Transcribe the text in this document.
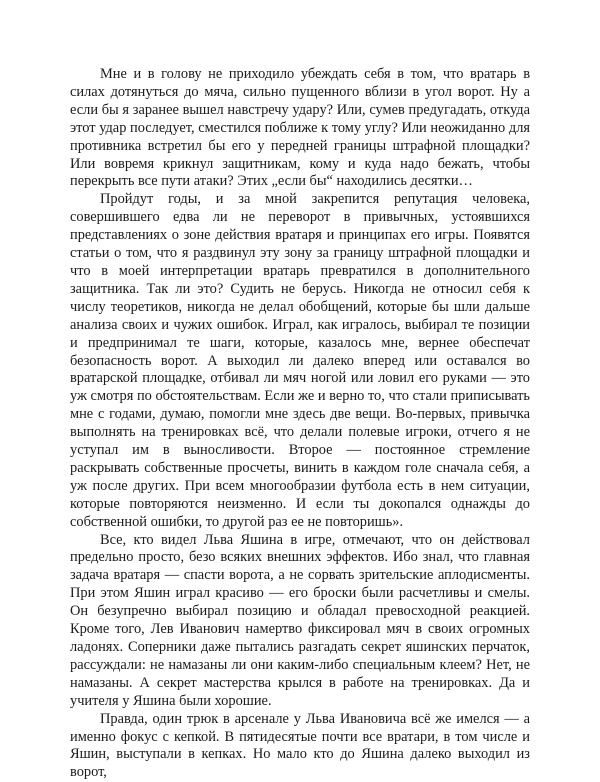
Мне и в голову не приходило убеждать себя в том, что вратарь в силах дотянуться до мяча, сильно пущенного вблизи в угол ворот. Ну а если бы я заранее вышел навстречу удару? Или, сумев предугадать, откуда этот удар последует, сместился поближе к тому углу? Или неожиданно для противника встретил бы его у передней границы штрафной площадки? Или вовремя крикнул защитникам, кому и куда надо бежать, чтобы перекрыть все пути атаки? Этих „если бы“ находились десятки…

Пройдут годы, и за мной закрепится репутация человека, совершившего едва ли не переворот в привычных, устоявшихся представлениях о зоне действия вратаря и принципах его игры. Появятся статьи о том, что я раздвинул эту зону за границу штрафной площадки и что в моей интерпретации вратарь превратился в дополнительного защитника. Так ли это? Судить не берусь. Никогда не относил себя к числу теоретиков, никогда не делал обобщений, которые бы шли дальше анализа своих и чужих ошибок. Играл, как игралось, выбирал те позиции и предпринимал те шаги, которые, казалось мне, вернее обеспечат безопасность ворот. А выходил ли далеко вперед или оставался во вратарской площадке, отбивал ли мяч ногой или ловил его руками — это уж смотря по обстоятельствам. Если же и верно то, что стали приписывать мне с годами, думаю, помогли мне здесь две вещи. Во-первых, привычка выполнять на тренировках всё, что делали полевые игроки, отчего я не уступал им в выносливости. Второе — постоянное стремление раскрывать собственные просчеты, винить в каждом голе сначала себя, а уж после других. При всем многообразии футбола есть в нем ситуации, которые повторяются неизменно. И если ты докопался однажды до собственной ошибки, то другой раз ее не повторишь».

Все, кто видел Льва Яшина в игре, отмечают, что он действовал предельно просто, безо всяких внешних эффектов. Ибо знал, что главная задача вратаря — спасти ворота, а не сорвать зрительские аплодисменты. При этом Яшин играл красиво — его броски были расчетливы и смелы. Он безупречно выбирал позицию и обладал превосходной реакцией. Кроме того, Лев Иванович намертво фиксировал мяч в своих огромных ладонях. Соперники даже пытались разгадать секрет яшинских перчаток, рассуждали: не намазаны ли они каким-либо специальным клеем? Нет, не намазаны. А секрет мастерства крылся в работе на тренировках. Да и учителя у Яшина были хорошие.

Правда, один трюк в арсенале у Льва Ивановича всё же имелся — а именно фокус с кепкой. В пятидесятые почти все вратари, в том числе и Яшин, выступали в кепках. Но мало кто до Яшина далеко выходил из ворот,
